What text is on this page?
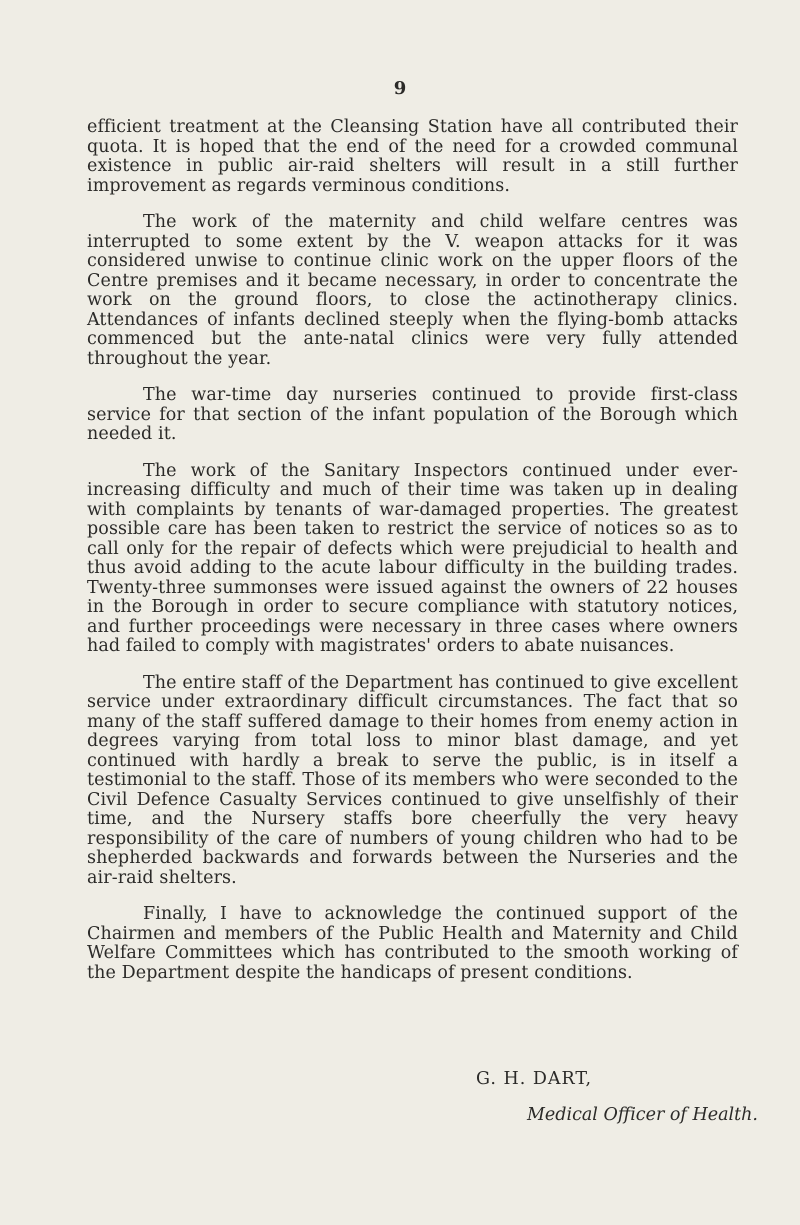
9

efficient treatment at the Cleansing Station have all contributed their quota. It is hoped that the end of the need for a crowded communal existence in public air-raid shelters will result in a still further improvement as regards verminous conditions.

The work of the maternity and child welfare centres was interrupted to some extent by the V. weapon attacks for it was considered unwise to continue clinic work on the upper floors of the Centre premises and it became necessary, in order to concentrate the work on the ground floors, to close the actinotherapy clinics. Attendances of infants declined steeply when the flying-bomb attacks commenced but the ante-natal clinics were very fully attended throughout the year.

The war-time day nurseries continued to provide first-class service for that section of the infant population of the Borough which needed it.

The work of the Sanitary Inspectors continued under ever-increasing difficulty and much of their time was taken up in dealing with complaints by tenants of war-damaged properties. The greatest possible care has been taken to restrict the service of notices so as to call only for the repair of defects which were prejudicial to health and thus avoid adding to the acute labour difficulty in the building trades. Twenty-three summonses were issued against the owners of 22 houses in the Borough in order to secure compliance with statutory notices, and further proceedings were necessary in three cases where owners had failed to comply with magistrates' orders to abate nuisances.

The entire staff of the Department has continued to give excellent service under extraordinary difficult circumstances. The fact that so many of the staff suffered damage to their homes from enemy action in degrees varying from total loss to minor blast damage, and yet continued with hardly a break to serve the public, is in itself a testimonial to the staff. Those of its members who were seconded to the Civil Defence Casualty Services continued to give unselfishly of their time, and the Nursery staffs bore cheerfully the very heavy responsibility of the care of numbers of young children who had to be shepherded backwards and forwards between the Nurseries and the air-raid shelters.

Finally, I have to acknowledge the continued support of the Chairmen and members of the Public Health and Maternity and Child Welfare Committees which has contributed to the smooth working of the Department despite the handicaps of present conditions.

G. H. DART,
Medical Officer of Health.
